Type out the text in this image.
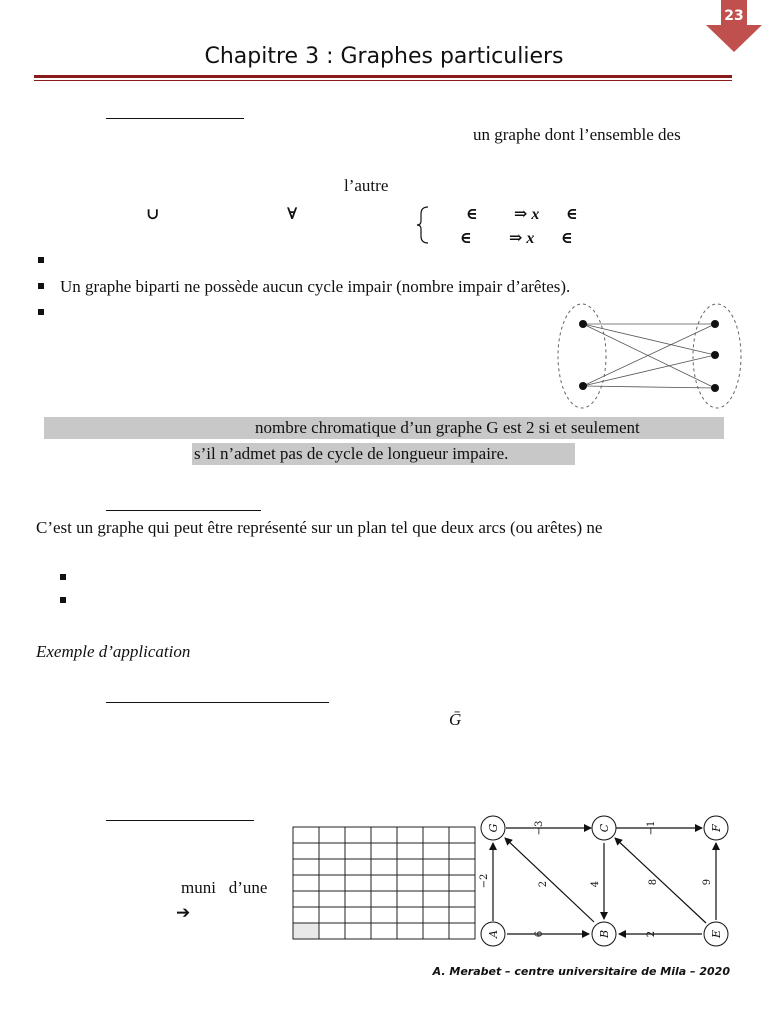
23
Chapitre 3 : Graphes particuliers
un graphe dont l’ensemble des
l’autre
∪	∀	∈ ⇒ x ∈
∈ ⇒ x ∈
Un graphe biparti ne possède aucun cycle impair (nombre impair d’arêtes).
nombre chromatique d’un graphe G est 2 si et seulement
s’il n’admet pas de cycle de longueur impaire.
C’est un graphe qui peut être représenté sur un plan tel que deux arcs (ou arêtes) ne
Exemple d’application
Ḡ
muni   d’une
➔
G	C	F
A	B	E
−3	−1
−2	2	4	8	9
6	2
A. Merabet – centre universitaire de Mila – 2020
